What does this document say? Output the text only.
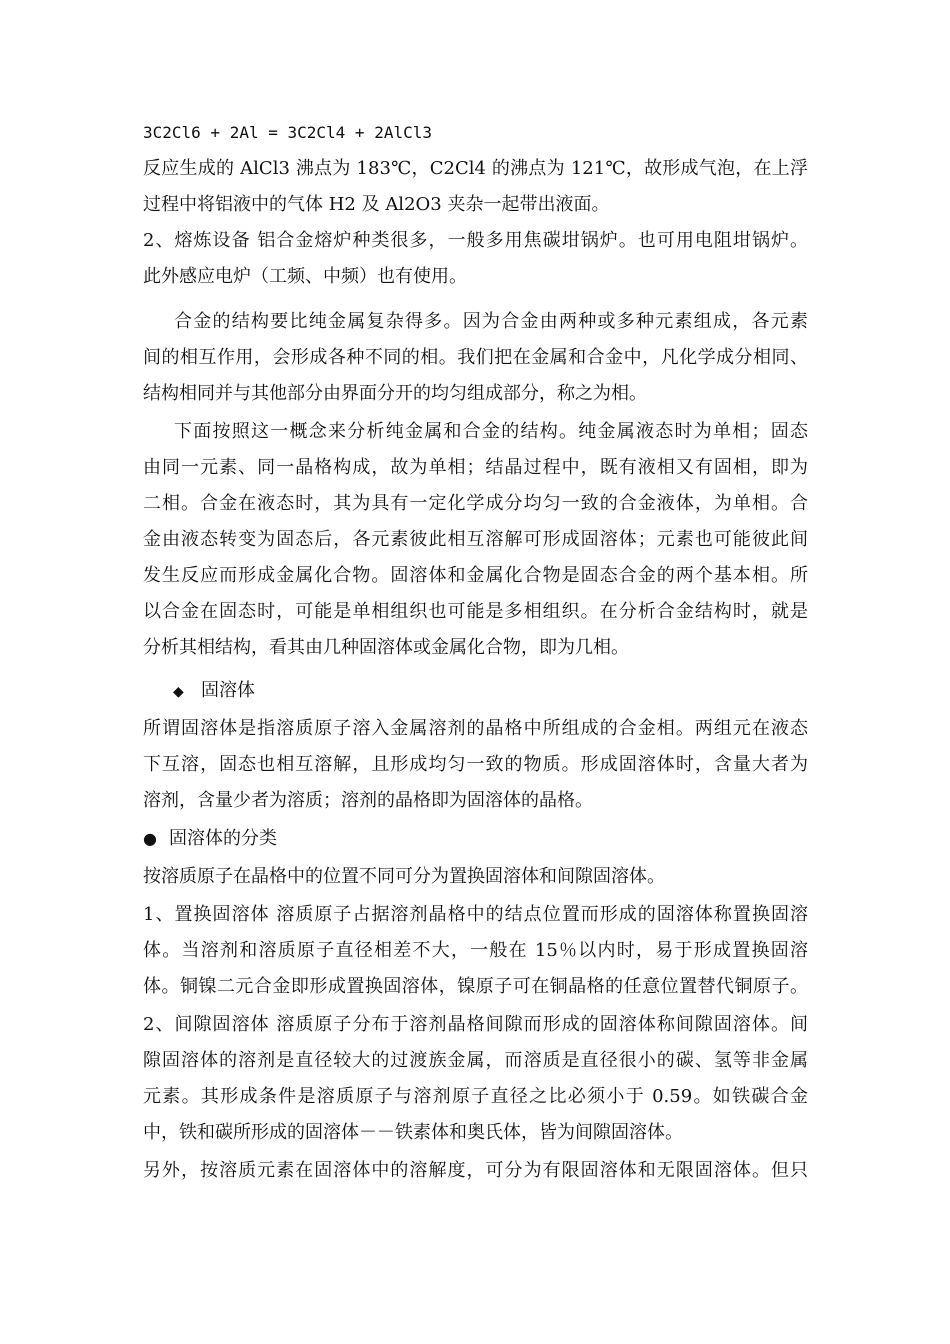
3C2Cl6 + 2Al = 3C2Cl4 + 2AlCl3
反应生成的 AlCl3 沸点为 183℃，C2Cl4 的沸点为 121℃，故形成气泡，在上浮
过程中将铝液中的气体 H2 及 Al2O3 夹杂一起带出液面。
2、熔炼设备 铝合金熔炉种类很多，一般多用焦碳坩锅炉。也可用电阻坩锅炉。
此外感应电炉（工频、中频）也有使用。
合金的结构要比纯金属复杂得多。因为合金由两种或多种元素组成，各元素
间的相互作用，会形成各种不同的相。我们把在金属和合金中，凡化学成分相同、
结构相同并与其他部分由界面分开的均匀组成部分，称之为相。
下面按照这一概念来分析纯金属和合金的结构。纯金属液态时为单相；固态
由同一元素、同一晶格构成，故为单相；结晶过程中，既有液相又有固相，即为
二相。合金在液态时，其为具有一定化学成分均匀一致的合金液体，为单相。合
金由液态转变为固态后，各元素彼此相互溶解可形成固溶体；元素也可能彼此间
发生反应而形成金属化合物。固溶体和金属化合物是固态合金的两个基本相。所
以合金在固态时，可能是单相组织也可能是多相组织。在分析合金结构时，就是
分析其相结构，看其由几种固溶体或金属化合物，即为几相。
◆ 固溶体
所谓固溶体是指溶质原子溶入金属溶剂的晶格中所组成的合金相。两组元在液态
下互溶，固态也相互溶解，且形成均匀一致的物质。形成固溶体时，含量大者为
溶剂，含量少者为溶质；溶剂的晶格即为固溶体的晶格。
● 固溶体的分类
按溶质原子在晶格中的位置不同可分为置换固溶体和间隙固溶体。
1、置换固溶体 溶质原子占据溶剂晶格中的结点位置而形成的固溶体称置换固溶
体。当溶剂和溶质原子直径相差不大，一般在 15％以内时，易于形成置换固溶
体。铜镍二元合金即形成置换固溶体，镍原子可在铜晶格的任意位置替代铜原子。
2、间隙固溶体 溶质原子分布于溶剂晶格间隙而形成的固溶体称间隙固溶体。间
隙固溶体的溶剂是直径较大的过渡族金属，而溶质是直径很小的碳、氢等非金属
元素。其形成条件是溶质原子与溶剂原子直径之比必须小于 0.59。如铁碳合金
中，铁和碳所形成的固溶体－－铁素体和奥氏体，皆为间隙固溶体。
另外，按溶质元素在固溶体中的溶解度，可分为有限固溶体和无限固溶体。但只
